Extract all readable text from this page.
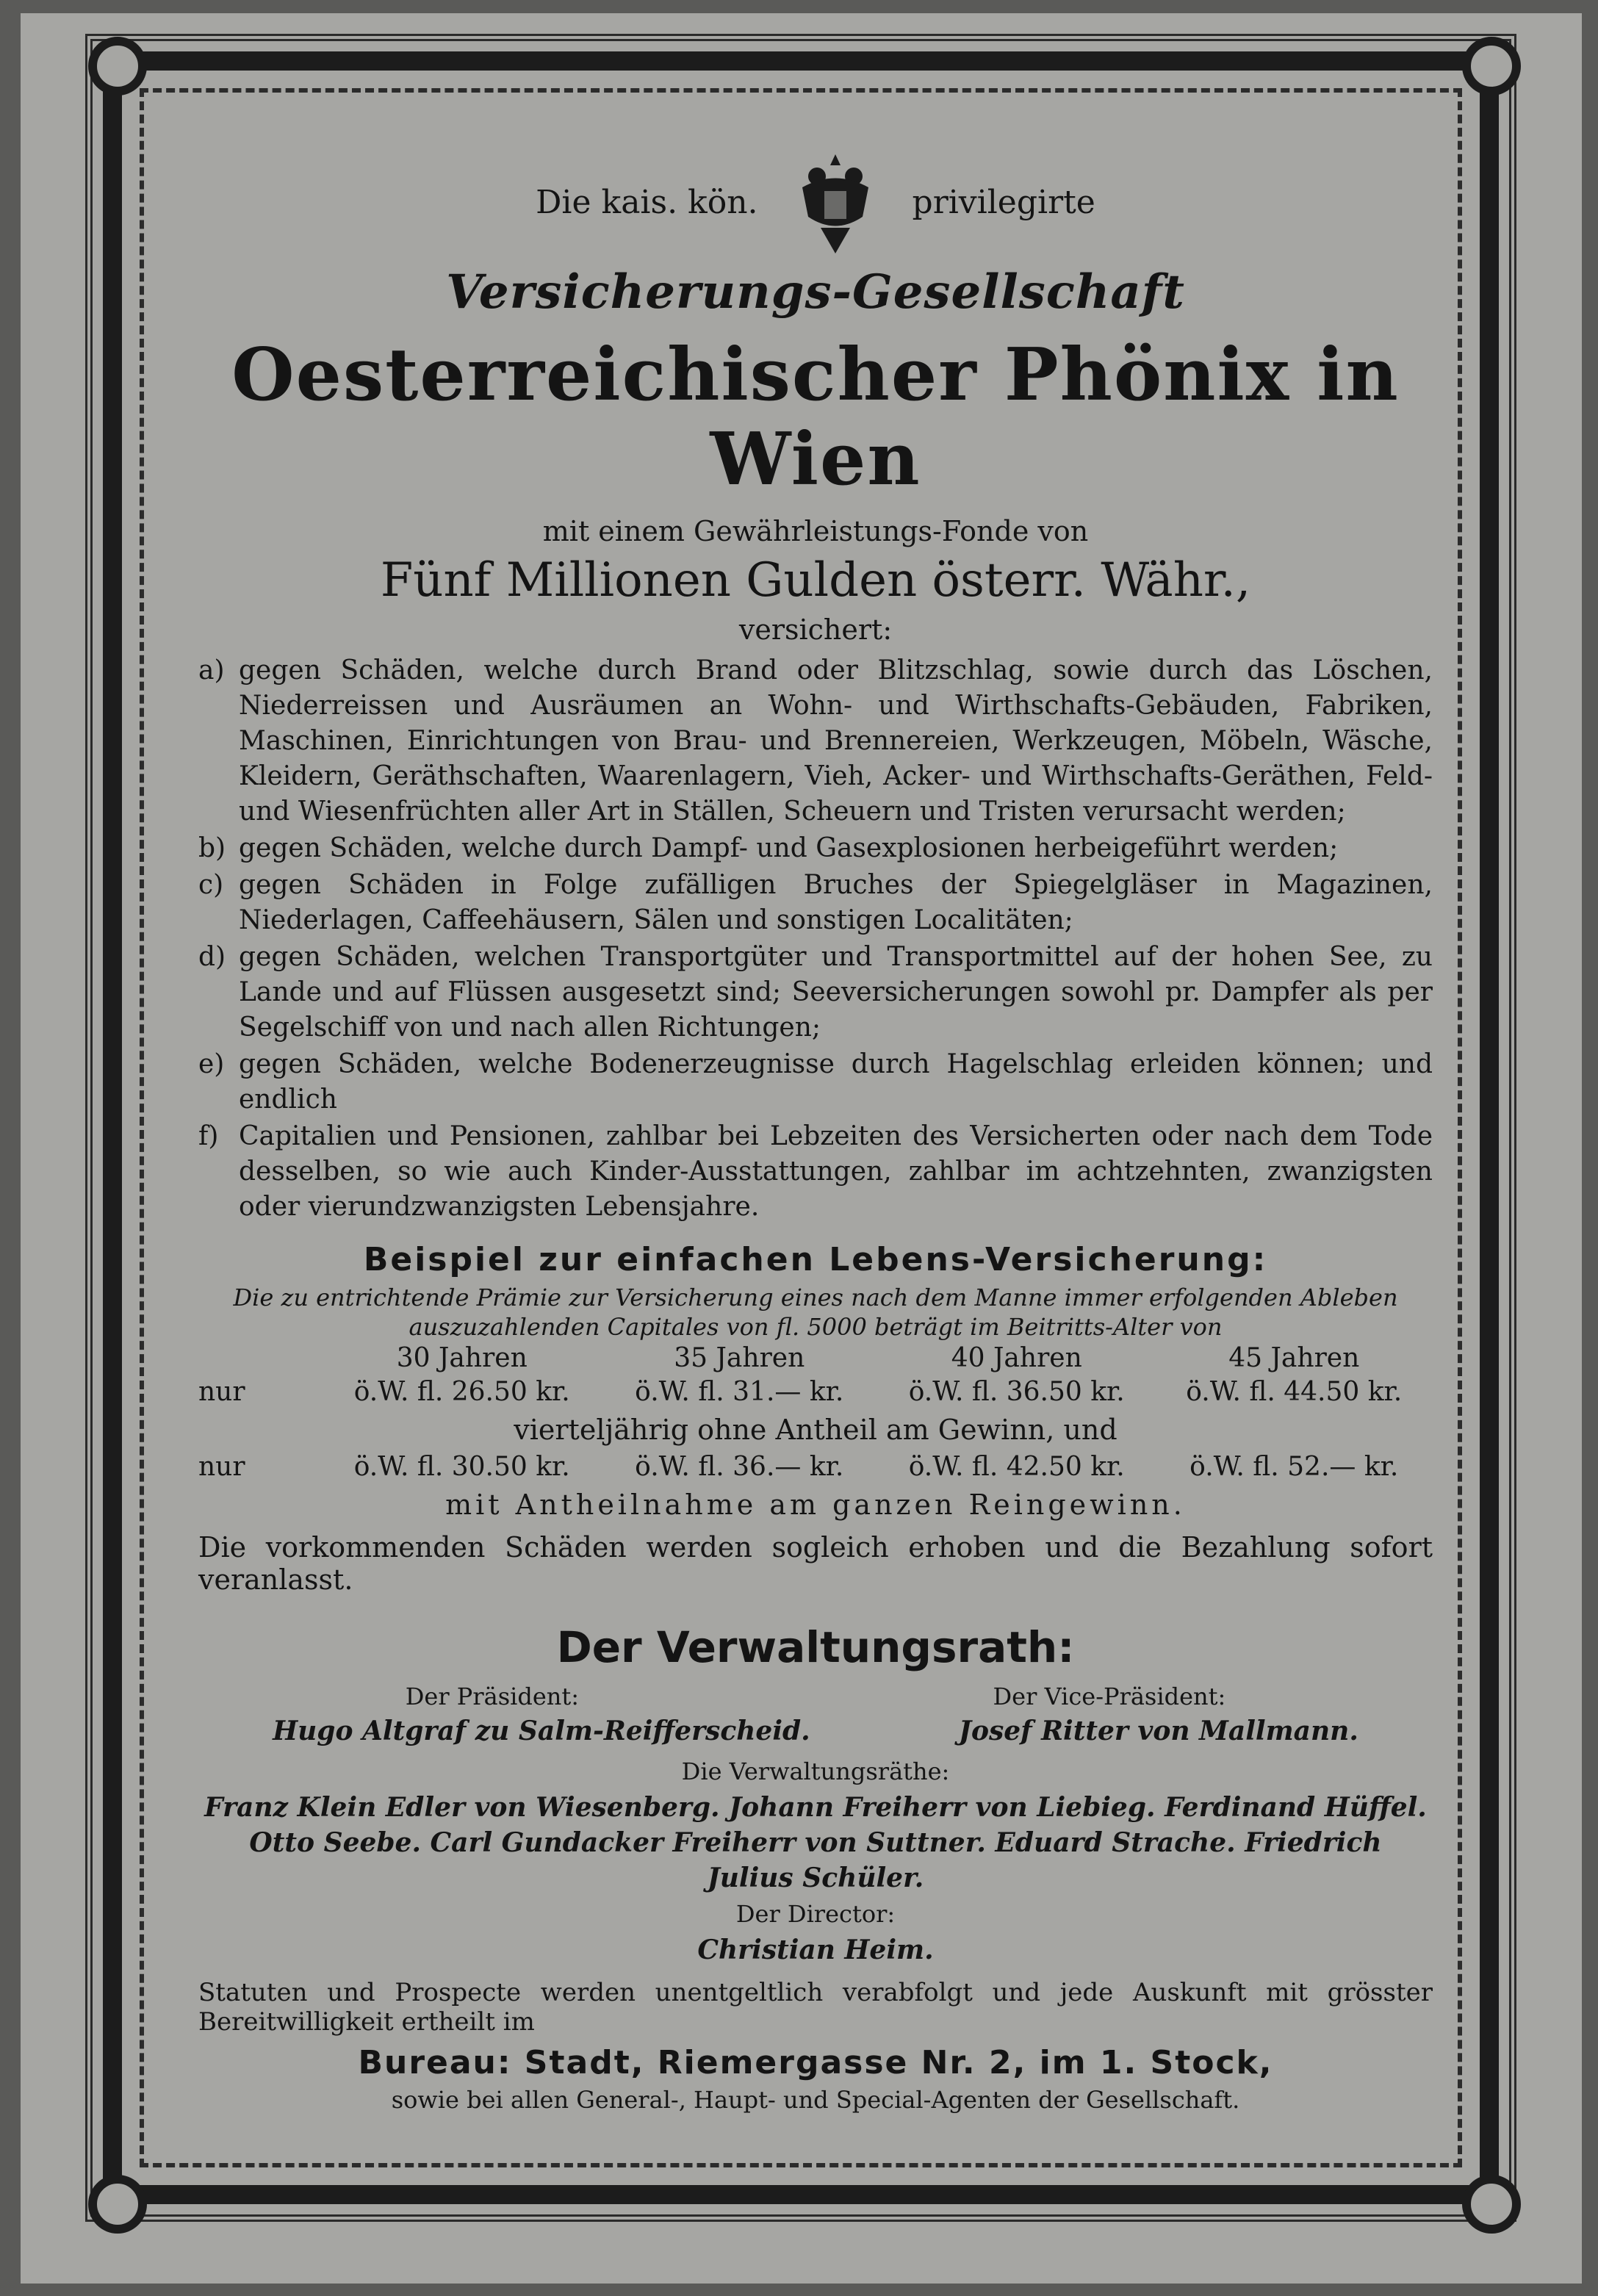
Die kais. kön.	privilegirte
Versicherungs-Gesellschaft
Oesterreichischer Phönix in Wien
mit einem Gewährleistungs-Fonde von
Fünf Millionen Gulden österr. Währ.,
versichert:
a) gegen Schäden, welche durch Brand oder Blitzschlag, sowie durch das Löschen, Niederreissen und Ausräumen an Wohn- und Wirthschafts-Gebäuden, Fabriken, Maschinen, Einrichtungen von Brau- und Brennereien, Werkzeugen, Möbeln, Wäsche, Kleidern, Geräthschaften, Waarenlagern, Vieh, Acker- und Wirthschafts-Geräthen, Feld- und Wiesenfrüchten aller Art in Ställen, Scheuern und Tristen verursacht werden;
b) gegen Schäden, welche durch Dampf- und Gasexplosionen herbeigeführt werden;
c) gegen Schäden in Folge zufälligen Bruches der Spiegelgläser in Magazinen, Niederlagen, Caffeehäusern, Sälen und sonstigen Localitäten;
d) gegen Schäden, welchen Transportgüter und Transportmittel auf der hohen See, zu Lande und auf Flüssen ausgesetzt sind; Seeversicherungen sowohl pr. Dampfer als per Segelschiff von und nach allen Richtungen;
e) gegen Schäden, welche Bodenerzeugnisse durch Hagelschlag erleiden können; und endlich
f) Capitalien und Pensionen, zahlbar bei Lebzeiten des Versicherten oder nach dem Tode desselben, so wie auch Kinder-Ausstattungen, zahlbar im achtzehnten, zwanzigsten oder vierundzwanzigsten Lebensjahre.
Beispiel zur einfachen Lebens-Versicherung:
Die zu entrichtende Prämie zur Versicherung eines nach dem Manne immer erfolgenden Ableben auszuzahlenden Capitales von fl. 5000 beträgt im Beitritts-Alter von
30 Jahren	35 Jahren	40 Jahren	45 Jahren
nur	ö.W. fl. 26.50 kr.	ö.W. fl. 31.— kr.	ö.W. fl. 36.50 kr.	ö.W. fl. 44.50 kr.
vierteljährig ohne Antheil am Gewinn, und
nur	ö.W. fl. 30.50 kr.	ö.W. fl. 36.— kr.	ö.W. fl. 42.50 kr.	ö.W. fl. 52.— kr.
mit Antheilnahme am ganzen Reingewinn.
Die vorkommenden Schäden werden sogleich erhoben und die Bezahlung sofort veranlasst.
Der Verwaltungsrath:
Der Präsident:	Der Vice-Präsident:
Hugo Altgraf zu Salm-Reifferscheid.	Josef Ritter von Mallmann.
Die Verwaltungsräthe:
Franz Klein Edler von Wiesenberg. Johann Freiherr von Liebieg. Ferdinand Hüffel.
Otto Seebe. Carl Gundacker Freiherr von Suttner. Eduard Strache. Friedrich
Julius Schüler.
Der Director:
Christian Heim.
Statuten und Prospecte werden unentgeltlich verabfolgt und jede Auskunft mit grösster Bereitwilligkeit ertheilt im
Bureau: Stadt, Riemergasse Nr. 2, im 1. Stock,
sowie bei allen General-, Haupt- und Special-Agenten der Gesellschaft.
